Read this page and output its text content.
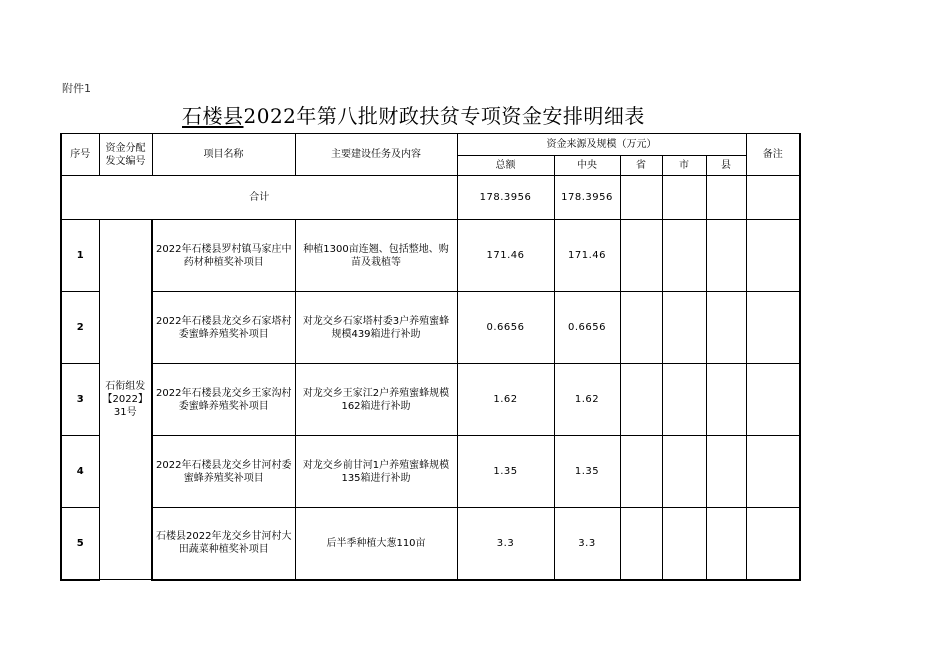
附件1
石楼县2022年第八批财政扶贫专项资金安排明细表
序号	资金分配发文编号	项目名称	主要建设任务及内容	资金来源及规模（万元）					备注
				总额	中央	省	市	县	
合计				178.3956	178.3956				
1	石衔组发【2022】31号	2022年石楼县罗村镇马家庄中药材种植奖补项目	种植1300亩连翘、包括整地、购苗及栽植等	171.46	171.46				
2		2022年石楼县龙交乡石家塔村委蜜蜂养殖奖补项目	对龙交乡石家塔村委3户养殖蜜蜂规模439箱进行补助	0.6656	0.6656				
3		2022年石楼县龙交乡王家沟村委蜜蜂养殖奖补项目	对龙交乡王家江2户养殖蜜蜂规模162箱进行补助	1.62	1.62				
4		2022年石楼县龙交乡甘河村委蜜蜂养殖奖补项目	对龙交乡前甘河1户养殖蜜蜂规模135箱进行补助	1.35	1.35				
5		石楼县2022年龙交乡甘河村大田蔬菜种植奖补项目	后半季种植大葱110亩	3.3	3.3				
